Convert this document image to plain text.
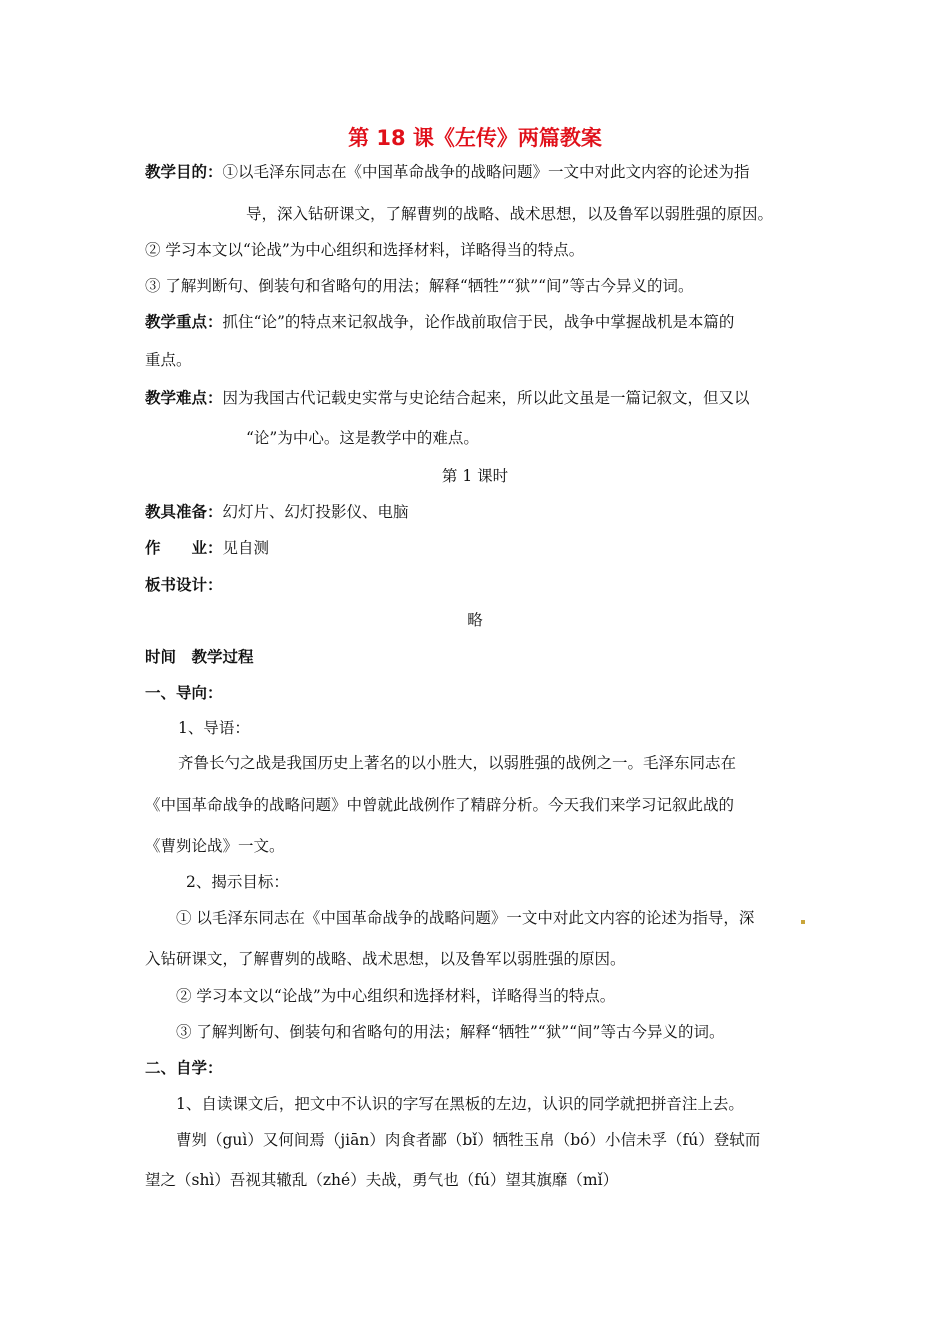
第 18 课《左传》两篇教案
教学目的：①以毛泽东同志在《中国革命战争的战略问题》一文中对此文内容的论述为指
导，深入钻研课文，了解曹刿的战略、战术思想，以及鲁军以弱胜强的原因。
② 学习本文以“论战”为中心组织和选择材料，详略得当的特点。
③ 了解判断句、倒装句和省略句的用法；解释“牺牲”“狱”“间”等古今异义的词。
教学重点：抓住“论”的特点来记叙战争，论作战前取信于民，战争中掌握战机是本篇的
重点。
教学难点：因为我国古代记载史实常与史论结合起来，所以此文虽是一篇记叙文，但又以
“论”为中心。这是教学中的难点。
第 1 课时
教具准备：幻灯片、幻灯投影仪、电脑
作　　业：见自测
板书设计：
略
时间　教学过程
一、导向：
1、导语：
齐鲁长勺之战是我国历史上著名的以小胜大，以弱胜强的战例之一。毛泽东同志在
《中国革命战争的战略问题》中曾就此战例作了精辟分析。今天我们来学习记叙此战的
《曹刿论战》一文。
2、揭示目标：
① 以毛泽东同志在《中国革命战争的战略问题》一文中对此文内容的论述为指导，深
入钻研课文，了解曹刿的战略、战术思想，以及鲁军以弱胜强的原因。
② 学习本文以“论战”为中心组织和选择材料，详略得当的特点。
③ 了解判断句、倒装句和省略句的用法；解释“牺牲”“狱”“间”等古今异义的词。
二、自学：
1、自读课文后，把文中不认识的字写在黑板的左边，认识的同学就把拼音注上去。
曹刿（guì）又何间焉（jiān）肉食者鄙（bǐ）牺牲玉帛（bó）小信未孚（fú）登轼而
望之（shì）吾视其辙乱（zhé）夫战，勇气也（fú）望其旗靡（mǐ）
